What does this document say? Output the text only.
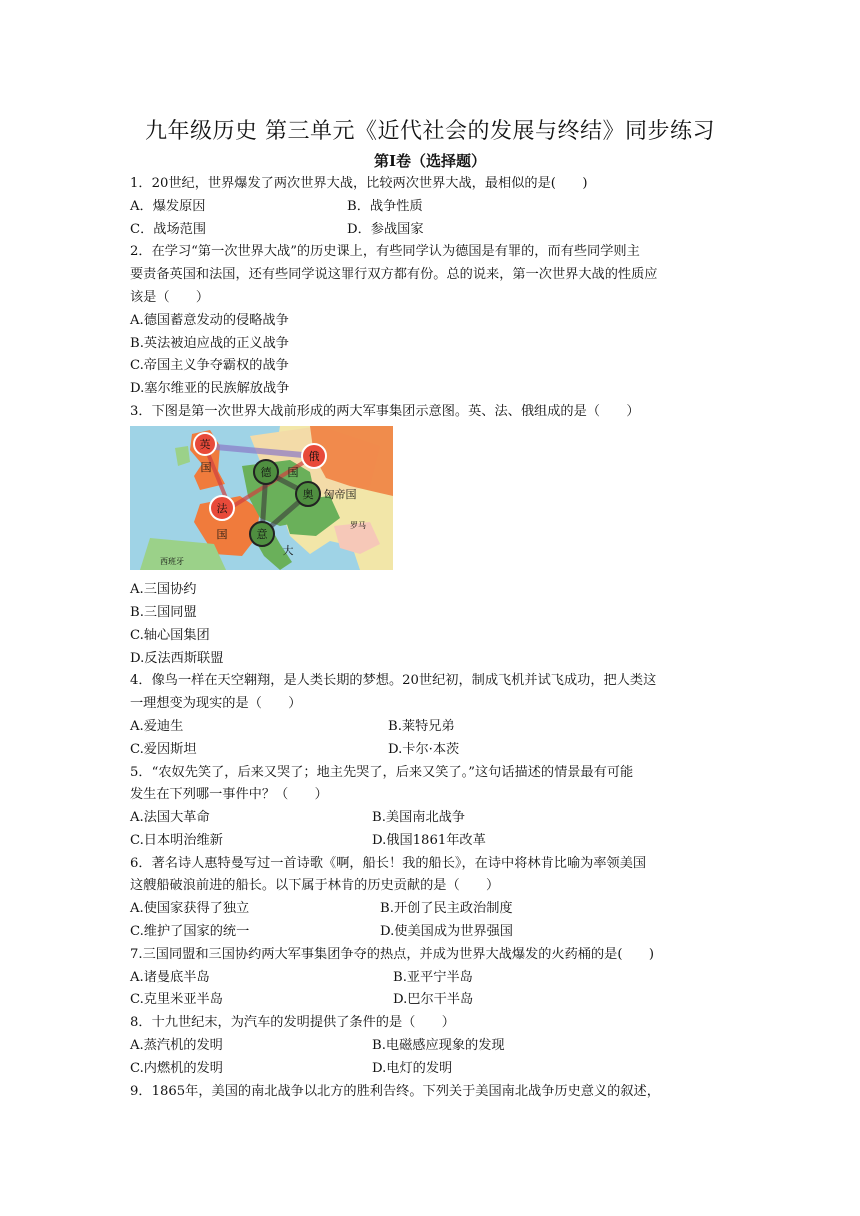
九年级历史 第三单元《近代社会的发展与终结》同步练习
第Ⅰ卷（选择题）
1．20世纪，世界爆发了两次世界大战，比较两次世界大战，最相似的是(　　)
A．爆发原因	B．战争性质
C．战场范围	D．参战国家
2．在学习“第一次世界大战”的历史课上，有些同学认为德国是有罪的，而有些同学则主
要责备英国和法国，还有些同学说这罪行双方都有份。总的说来，第一次世界大战的性质应
该是（　　）
A.德国蓄意发动的侵略战争
B.英法被迫应战的正义战争
C.帝国主义争夺霸权的战争
D.塞尔维亚的民族解放战争
3．下图是第一次世界大战前形成的两大军事集团示意图。英、法、俄组成的是（　　）
英
国
法
国
德 国
俄
奥 匈帝国
意
大
罗马
西班牙
A.三国协约
B.三国同盟
C.轴心国集团
D.反法西斯联盟
4．像鸟一样在天空翱翔，是人类长期的梦想。20世纪初，制成飞机并试飞成功，把人类这
一理想变为现实的是（　　）
A.爱迪生	B.莱特兄弟
C.爱因斯坦	D.卡尔·本茨
5．“农奴先笑了，后来又哭了；地主先哭了，后来又笑了。”这句话描述的情景最有可能
发生在下列哪一事件中？（　　）
A.法国大革命	B.美国南北战争
C.日本明治维新	D.俄国1861年改革
6．著名诗人惠特曼写过一首诗歌《啊，船长！我的船长》，在诗中将林肯比喻为率领美国
这艘船破浪前进的船长。以下属于林肯的历史贡献的是（　　）
A.使国家获得了独立	B.开创了民主政治制度
C.维护了国家的统一	D.使美国成为世界强国
7.三国同盟和三国协约两大军事集团争夺的热点，并成为世界大战爆发的火药桶的是(　　)
A.诸曼底半岛	B.亚平宁半岛
C.克里米亚半岛	D.巴尔干半岛
8．十九世纪末，为汽车的发明提供了条件的是（　　）
A.蒸汽机的发明	B.电磁感应现象的发现
C.内燃机的发明	D.电灯的发明
9．1865年，美国的南北战争以北方的胜利告终。下列关于美国南北战争历史意义的叙述，
